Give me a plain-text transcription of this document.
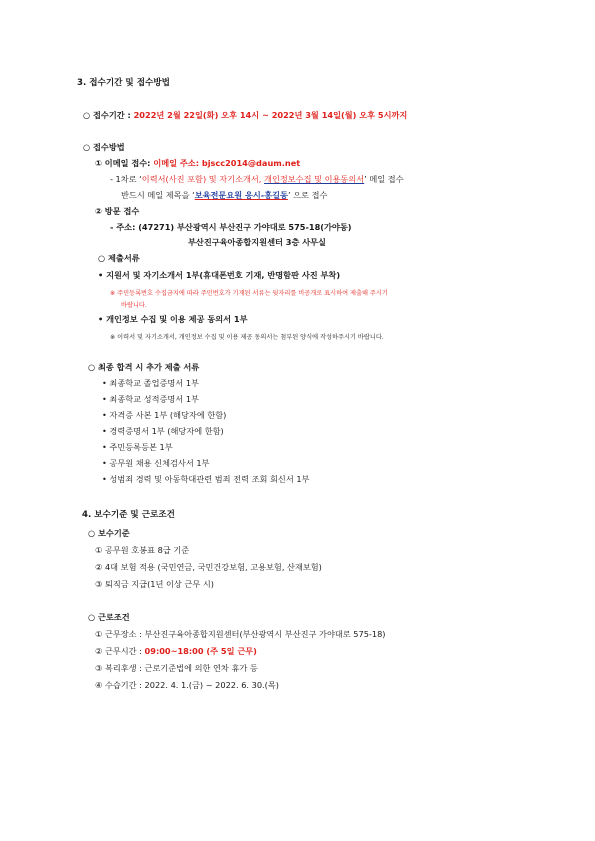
3. 접수기간 및 접수방법
○ 접수기간 : 2022년 2월 22일(화) 오후 14시 ~ 2022년 3월 14일(월) 오후 5시까지
○ 접수방법
① 이메일 접수: 이메일 주소: bjscc2014@daum.net
- 1차로 ‘이력서(사진 포함) 및 자기소개서, 개인정보수집 및 이용동의서’ 메일 접수
반드시 메일 제목을 ‘보육전문요원 응시-홍길동’ 으로 접수
② 방문 접수
- 주소: (47271) 부산광역시 부산진구 가야대로 575-18(가야동)
부산진구육아종합지원센터 3층 사무실
○ 제출서류
• 지원서 및 자기소개서 1부(휴대폰번호 기재, 반명함판 사진 부착)
※ 주민등록번호 수집금지에 따라 주민번호가 기재된 서류는 뒷자리를 비공개로 표시하여 제출해 주시기
바랍니다.
• 개인정보 수집 및 이용 제공 동의서 1부
※ 이력서 및 자기소개서, 개인정보 수집 및 이용 제공 동의서는 첨부된 양식에 작성하주시기 바랍니다.
○ 최종 합격 시 추가 제출 서류
• 최종학교 졸업증명서 1부
• 최종학교 성적증명서 1부
• 자격증 사본 1부 (해당자에 한함)
• 경력증명서 1부 (해당자에 한함)
• 주민등록등본 1부
• 공무원 채용 신체검사서 1부
• 성범죄 경력 및 아동학대관련 범죄 전력 조회 회신서 1부
4. 보수기준 및 근로조건
○ 보수기준
① 공무원 호봉표 8급 기준
② 4대 보험 적용 (국민연금, 국민건강보험, 고용보험, 산재보험)
③ 퇴직금 지급(1년 이상 근무 시)
○ 근로조건
① 근무장소 : 부산진구육아종합지원센터(부산광역시 부산진구 가야대로 575-18)
② 근무시간 : 09:00~18:00 (주 5일 근무)
③ 복리후생 : 근로기준법에 의한 연차 휴가 등
④ 수습기간 : 2022. 4. 1.(금) ~ 2022. 6. 30.(목)
